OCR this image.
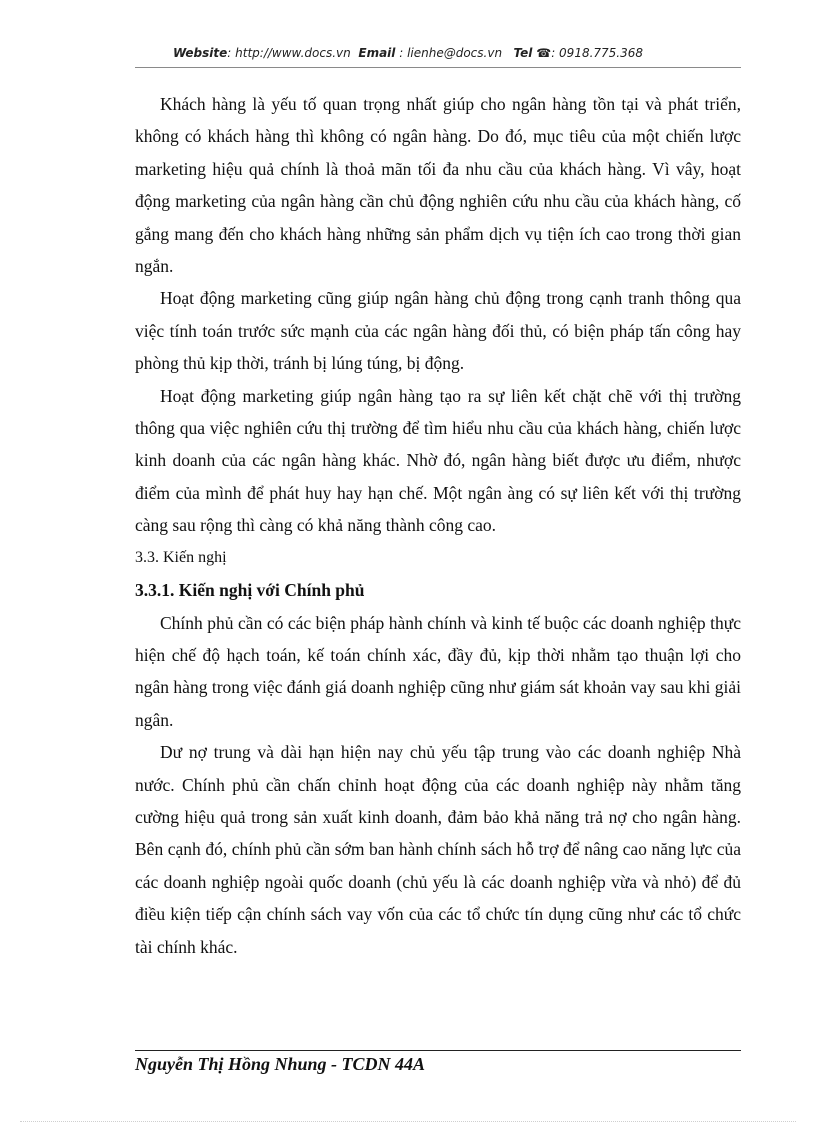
Website: http://www.docs.vn Email : lienhe@docs.vn Tel ☎: 0918.775.368

Khách hàng là yếu tố quan trọng nhất giúp cho ngân hàng tồn tại và phát triển, không có khách hàng thì không có ngân hàng. Do đó, mục tiêu của một chiến lược marketing hiệu quả chính là thoả mãn tối đa nhu cầu của khách hàng. Vì vây, hoạt động marketing của ngân hàng cần chủ động nghiên cứu nhu cầu của khách hàng, cố gắng mang đến cho khách hàng những sản phẩm dịch vụ tiện ích cao trong thời gian ngắn.

Hoạt động marketing cũng giúp ngân hàng chủ động trong cạnh tranh thông qua việc tính toán trước sức mạnh của các ngân hàng đối thủ, có biện pháp tấn công hay phòng thủ kịp thời, tránh bị lúng túng, bị động.

Hoạt động marketing giúp ngân hàng tạo ra sự liên kết chặt chẽ với thị trường thông qua việc nghiên cứu thị trường để tìm hiểu nhu cầu của khách hàng, chiến lược kinh doanh của các ngân hàng khác. Nhờ đó, ngân hàng biết được ưu điểm, nhược điểm của mình để phát huy hay hạn chế. Một ngân àng có sự liên kết với thị trường càng sau rộng thì càng có khả năng thành công cao.

3.3. Kiến nghị

3.3.1. Kiến nghị với Chính phủ

Chính phủ cần có các biện pháp hành chính và kinh tế buộc các doanh nghiệp thực hiện chế độ hạch toán, kế toán chính xác, đầy đủ, kịp thời nhằm tạo thuận lợi cho ngân hàng trong việc đánh giá doanh nghiệp cũng như giám sát khoản vay sau khi giải ngân.

Dư nợ trung và dài hạn hiện nay chủ yếu tập trung vào các doanh nghiệp Nhà nước. Chính phủ cần chấn chỉnh hoạt động của các doanh nghiệp này nhằm tăng cường hiệu quả trong sản xuất kinh doanh, đảm bảo khả năng trả nợ cho ngân hàng. Bên cạnh đó, chính phủ cần sớm ban hành chính sách hỗ trợ để nâng cao năng lực của các doanh nghiệp ngoài quốc doanh (chủ yếu là các doanh nghiệp vừa và nhỏ) để đủ điều kiện tiếp cận chính sách vay vốn của các tổ chức tín dụng cũng như các tổ chức tài chính khác.

Nguyễn Thị Hồng Nhung - TCDN 44A
